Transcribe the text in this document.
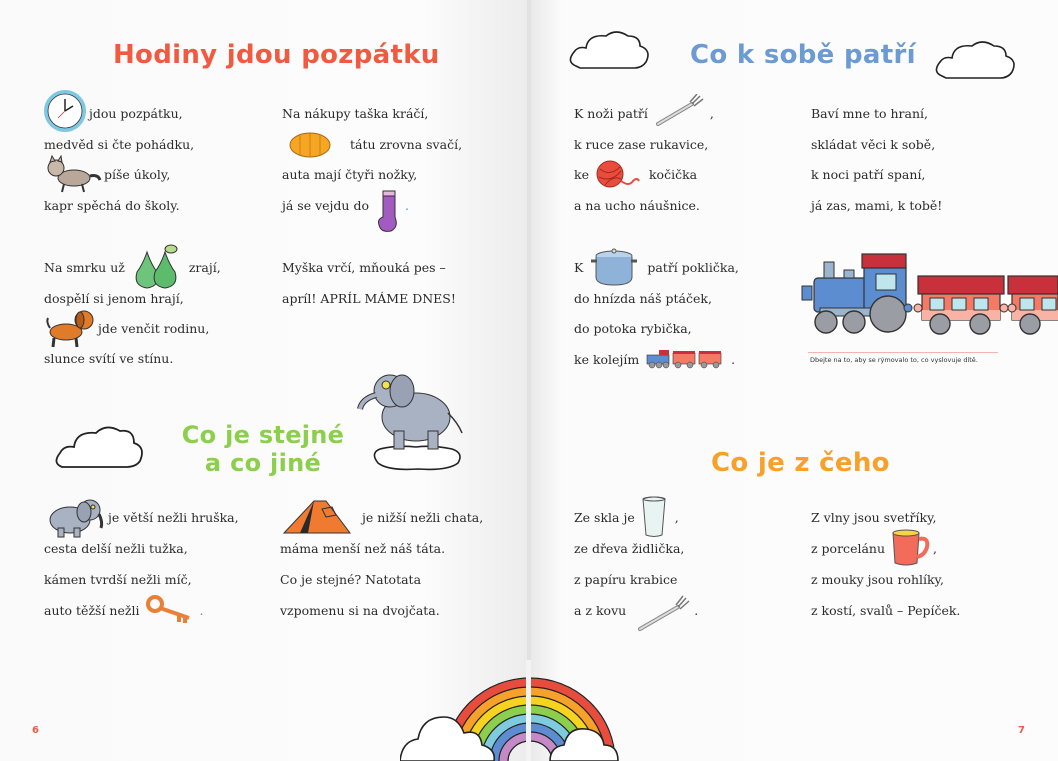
Hodiny jdou pozpátku
jdou pozpátku,
medvěd si čte pohádku,
píše úkoly,
kapr spěchá do školy.
Na smrku už	zrají,
dospělí si jenom hrají,
jde venčit rodinu,
slunce svítí ve stínu.
Na nákupy taška kráčí,
tátu zrovna svačí,
auta mají čtyři nožky,
já se vejdu do	.
Myška vrčí, mňouká pes –
apríl! APRÍL MÁME DNES!
Co je stejné
a co jiné
je větší nežli hruška,
cesta delší nežli tužka,
kámen tvrdší nežli míč,
auto těžší nežli	.
je nižší nežli chata,
máma menší než náš táta.
Co je stejné? Natotata
vzpomenu si na dvojčata.
6
Co k sobě patří
K noži patří	,
k ruce zase rukavice,
ke	kočička
a na ucho náušnice.
K	patří poklička,
do hnízda náš ptáček,
do potoka rybička,
ke kolejím	.
Baví mne to hraní,
skládat věci k sobě,
k noci patří spaní,
já zas, mami, k tobě!
Dbejte na to, aby se rýmovalo to, co vyslovuje dítě.
Co je z čeho
Ze skla je	,
ze dřeva židlička,
z papíru krabice
a z kovu	.
Z vlny jsou svetříky,
z porcelánu	,
z mouky jsou rohlíky,
z kostí, svalů – Pepíček.
7
